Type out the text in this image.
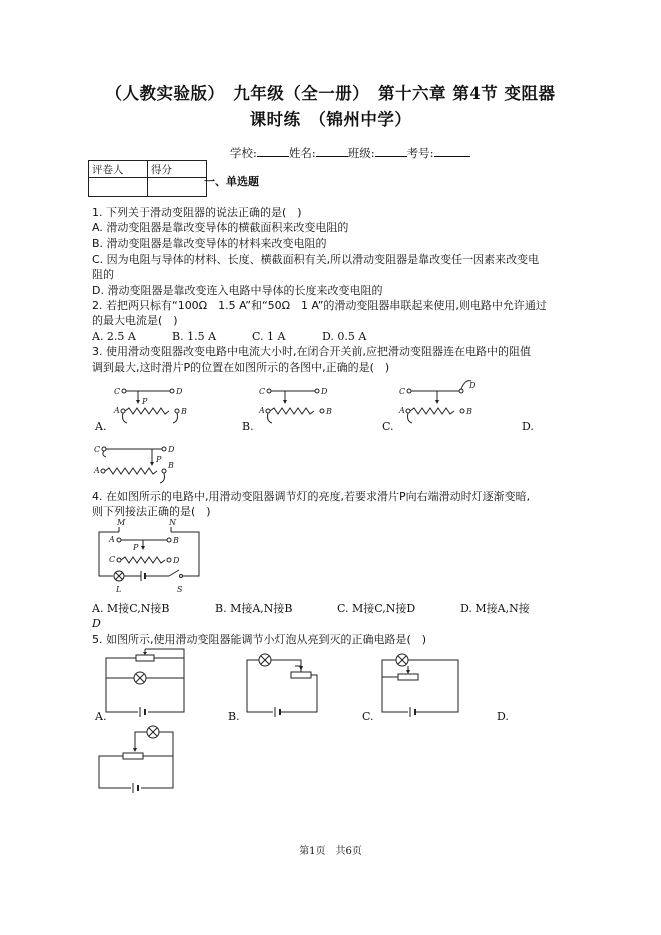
（人教实验版）　九年级（全一册）　第十六章 第4节 变阻器
课时练　（锦州中学）
学校:	姓名:	班级:	考号:
评卷人	得分

一、单选题
1. 下列关于滑动变阻器的说法正确的是(　)
A. 滑动变阻器是靠改变导体的横截面积来改变电阻的
B. 滑动变阻器是靠改变导体的材料来改变电阻的
C. 因为电阻与导体的材料、长度、横截面积有关,所以滑动变阻器是靠改变任一因素来改变电
阻的
D. 滑动变阻器是靠改变连入电路中导体的长度来改变电阻的
2. 若把两只标有“100Ω　1.5 A”和“50Ω　1 A”的滑动变阻器串联起来使用,则电路中允许通过
的最大电流是(　)
A. 2.5 A	B. 1.5 A	C. 1 A	D. 0.5 A
3. 使用滑动变阻器改变电路中电流大小时,在闭合开关前,应把滑动变阻器连在电路中的阻值
调到最大,这时滑片P的位置在如图所示的各图中,正确的是(　)
C	D
P
A	B
C	D
A	B
C
D
A	B
A.	B.	C.	D.
C	D
P
A
B
4. 在如图所示的电路中,用滑动变阻器调节灯的亮度,若要求滑片P向右端滑动时灯逐渐变暗,
则下列接法正确的是(　)
M	N
A	B
P
C	D
L	S
A. M接C,N接B	B. M接A,N接B	C. M接C,N接D	D. M接A,N接
D
5. 如图所示,使用滑动变阻器能调节小灯泡从亮到灭的正确电路是(　)
A.	B.	C.	D.
第1页　共6页
